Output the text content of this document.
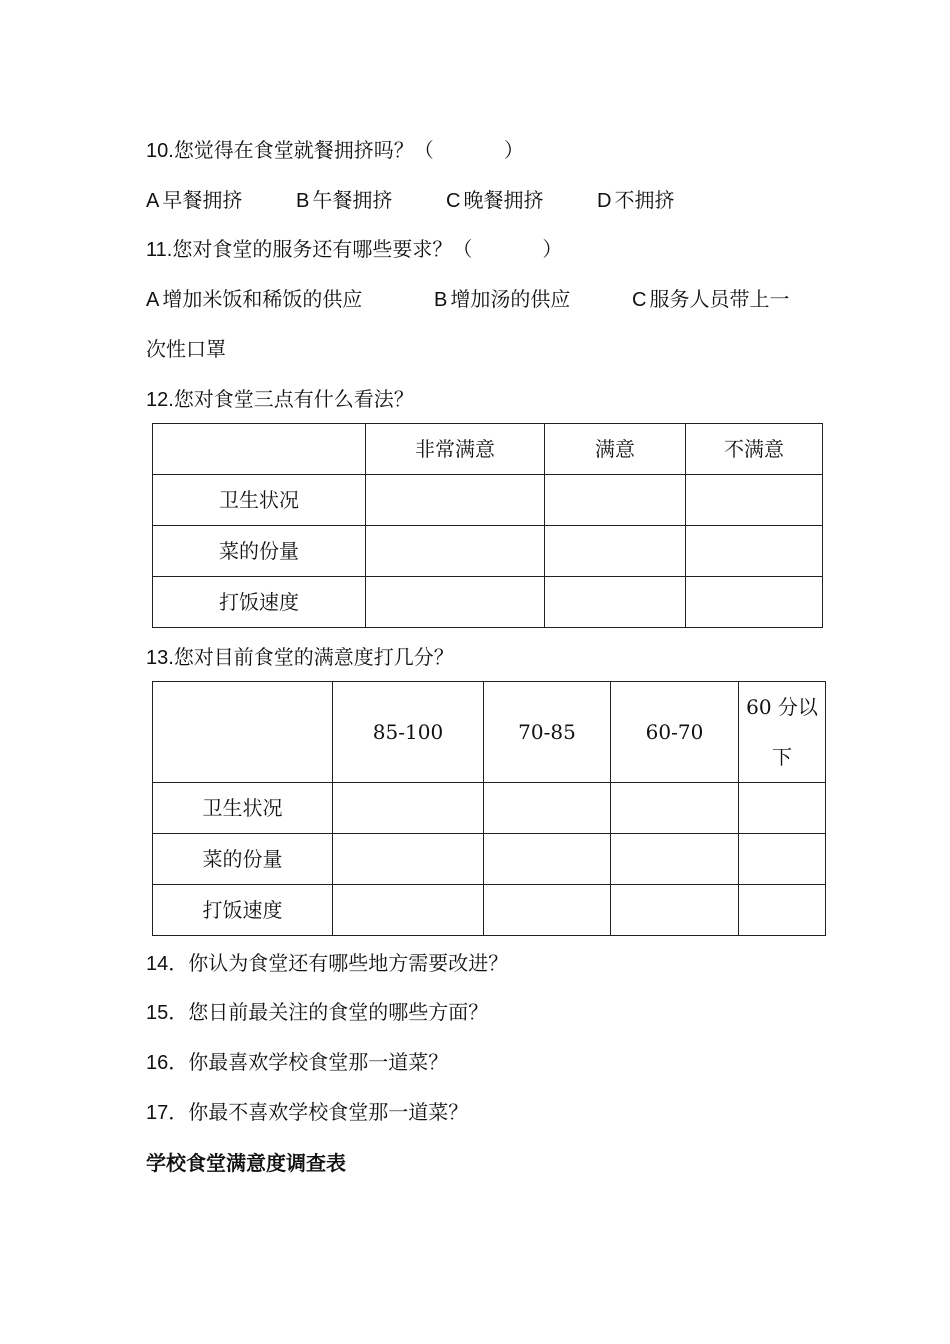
10.您觉得在食堂就餐拥挤吗？（	）
A 早餐拥挤	B 午餐拥挤	C 晚餐拥挤	D 不拥挤
11.您对食堂的服务还有哪些要求？（	）
A 增加米饭和稀饭的供应	B 增加汤的供应	C 服务人员带上一
次性口罩
12.您对食堂三点有什么看法？
	非常满意	满意	不满意
卫生状况			
菜的份量			
打饭速度			
13.您对目前食堂的满意度打几分？
	85-100	70-85	60-70	60 分以下
卫生状况				
菜的份量				
打饭速度				
14．你认为食堂还有哪些地方需要改进？
15．您日前最关注的食堂的哪些方面？
16．你最喜欢学校食堂那一道菜？
17．你最不喜欢学校食堂那一道菜？
学校食堂满意度调查表
